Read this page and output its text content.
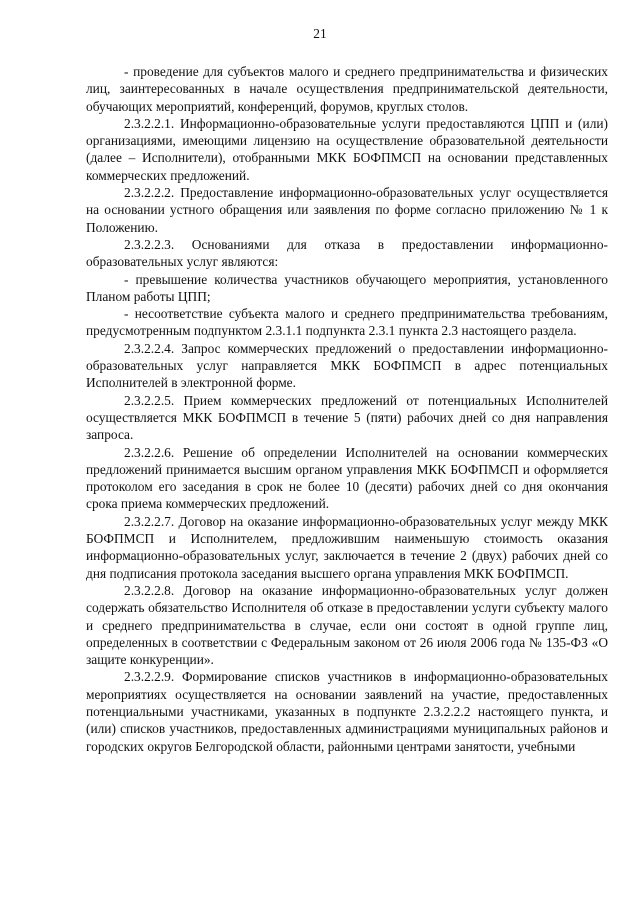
21

- проведение для субъектов малого и среднего предпринимательства и физических лиц, заинтересованных в начале осуществления предпринимательской деятельности, обучающих мероприятий, конференций, форумов, круглых столов.

2.3.2.2.1. Информационно-образовательные услуги предоставляются ЦПП и (или) организациями, имеющими лицензию на осуществление образовательной деятельности (далее – Исполнители), отобранными МКК БОФПМСП на основании представленных коммерческих предложений.

2.3.2.2.2. Предоставление информационно-образовательных услуг осуществляется на основании устного обращения или заявления по форме согласно приложению № 1 к Положению.

2.3.2.2.3. Основаниями для отказа в предоставлении информационно-образовательных услуг являются:

- превышение количества участников обучающего мероприятия, установленного Планом работы ЦПП;

- несоответствие субъекта малого и среднего предпринимательства требованиям, предусмотренным подпунктом 2.3.1.1 подпункта 2.3.1 пункта 2.3 настоящего раздела.

2.3.2.2.4. Запрос коммерческих предложений о предоставлении информационно-образовательных услуг направляется МКК БОФПМСП в адрес потенциальных Исполнителей в электронной форме.

2.3.2.2.5. Прием коммерческих предложений от потенциальных Исполнителей осуществляется МКК БОФПМСП в течение 5 (пяти) рабочих дней со дня направления запроса.

2.3.2.2.6. Решение об определении Исполнителей на основании коммерческих предложений принимается высшим органом управления МКК БОФПМСП и оформляется протоколом его заседания в срок не более 10 (десяти) рабочих дней со дня окончания срока приема коммерческих предложений.

2.3.2.2.7. Договор на оказание информационно-образовательных услуг между МКК БОФПМСП и Исполнителем, предложившим наименьшую стоимость оказания информационно-образовательных услуг, заключается в течение 2 (двух) рабочих дней со дня подписания протокола заседания высшего органа управления МКК БОФПМСП.

2.3.2.2.8. Договор на оказание информационно-образовательных услуг должен содержать обязательство Исполнителя об отказе в предоставлении услуги субъекту малого и среднего предпринимательства в случае, если они состоят в одной группе лиц, определенных в соответствии с Федеральным законом от 26 июля 2006 года № 135-ФЗ «О защите конкуренции».

2.3.2.2.9. Формирование списков участников в информационно-образовательных мероприятиях осуществляется на основании заявлений на участие, предоставленных потенциальными участниками, указанных в подпункте 2.3.2.2.2 настоящего пункта, и (или) списков участников, предоставленных администрациями муниципальных районов и городских округов Белгородской области, районными центрами занятости, учебными
